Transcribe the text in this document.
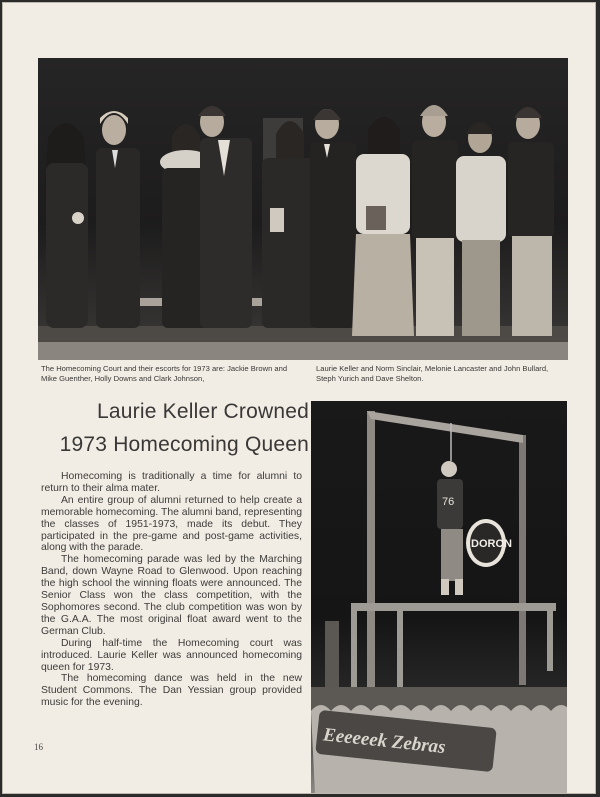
The Homecoming Court and their escorts for 1973 are: Jackie Brown and Mike Guenther, Holly Downs and Clark Johnson,

Laurie Keller and Norm Sinclair, Melonie Lancaster and John Bullard, Steph Yurich and Dave Shelton.

Laurie Keller Crowned
1973 Homecoming Queen

Homecoming is traditionally a time for alumni to return to their alma mater.

An entire group of alumni returned to help create a memorable homecoming. The alumni band, representing the classes of 1951-1973, made its debut. They participated in the pre-game and post-game activities, along with the parade.

The homecoming parade was led by the Marching Band, down Wayne Road to Glenwood. Upon reaching the high school the winning floats were announced. The Senior Class won the class competition, with the Sophomores second. The club competition was won by the G.A.A. The most original float award went to the German Club.

During half-time the Homecoming court was introduced. Laurie Keller was announced homecoming queen for 1973.

The homecoming dance was held in the new Student Commons. The Dan Yessian group provided music for the evening.

76
DORON
Eeeeeek Zebras
16
